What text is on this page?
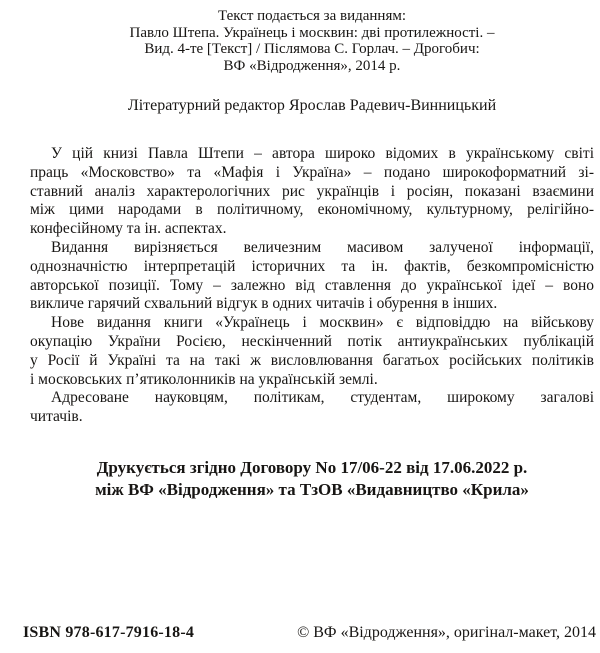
Текст подається за виданням:
Павло Штепа. Українець і москвин: дві протилежності. –
Вид. 4-те [Текст] / Післямова С. Горлач. – Дрогобич:
ВФ «Відродження», 2014 р.
Літературний редактор Ярослав Радевич-Винницький
У цій книзі Павла Штепи – автора широко відомих в українському світі
праць «Московство» та «Мафія і Україна» – подано широкоформатний зі-
ставний аналіз характерологічних рис українців і росіян, показані взаємини
між цими народами в політичному, економічному, культурному, релігійно-
конфесійному та ін. аспектах.
Видання вирізняється величезним масивом залученої інформації,
однозначністю інтерпретацій історичних та ін. фактів, безкомпромісністю
авторської позиції. Тому – залежно від ставлення до української ідеї – воно
викличе гарячий схвальний відгук в одних читачів і обурення в інших.
Нове видання книги «Українець і москвин» є відповіддю на військову
окупацію України Росією, нескінченний потік антиукраїнських публікацій
у Росії й Україні та на такі ж висловлювання багатьох російських політиків
і московських п’ятиколонників на українській землі.
Адресоване науковцям, політикам, студентам, широкому загалові
читачів.
Друкується згідно Договору No 17/06-22 від 17.06.2022 р.
між ВФ «Відродження» та ТзОВ «Видавництво «Крила»
ISBN 978-617-7916-18-4	© ВФ «Відродження», оригінал-макет, 2014
